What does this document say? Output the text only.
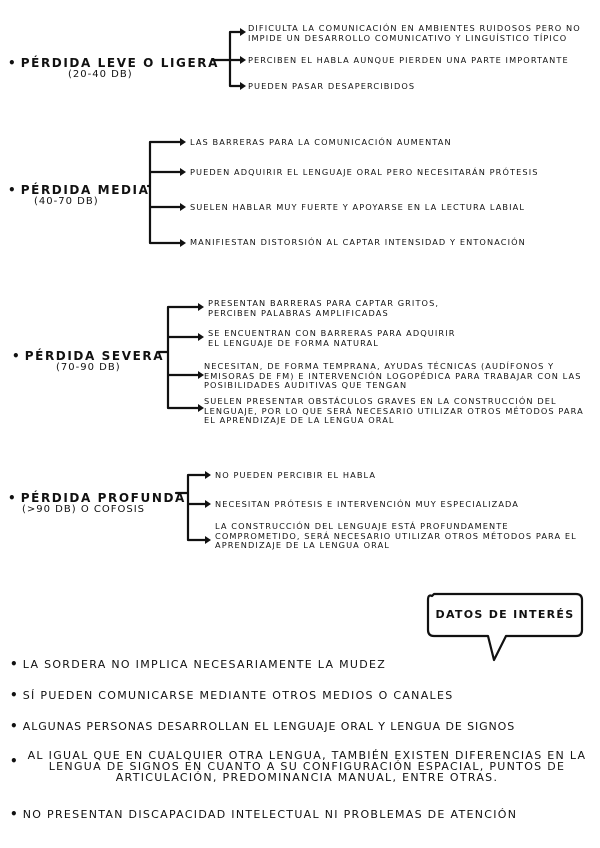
• PÉRDIDA LEVE O LIGERA
(20-40 DB)
DIFICULTA LA COMUNICACIÓN EN AMBIENTES RUIDOSOS PERO NO IMPIDE UN DESARROLLO COMUNICATIVO Y LINGUÍSTICO TÍPICO
PERCIBEN EL HABLA AUNQUE PIERDEN UNA PARTE IMPORTANTE
PUEDEN PASAR DESAPERCIBIDOS
• PÉRDIDA MEDIA
(40-70 DB)
LAS BARRERAS PARA LA COMUNICACIÓN AUMENTAN
PUEDEN ADQUIRIR EL LENGUAJE ORAL PERO NECESITARÁN PRÓTESIS
SUELEN HABLAR MUY FUERTE Y APOYARSE EN LA LECTURA LABIAL
MANIFIESTAN DISTORSIÓN AL CAPTAR INTENSIDAD Y ENTONACIÓN
• PÉRDIDA SEVERA
(70-90 DB)
PRESENTAN BARRERAS PARA CAPTAR GRITOS, PERCIBEN PALABRAS AMPLIFICADAS
SE ENCUENTRAN CON BARRERAS PARA ADQUIRIR EL LENGUAJE DE FORMA NATURAL
NECESITAN, DE FORMA TEMPRANA, AYUDAS TÉCNICAS (AUDÍFONOS Y EMISORAS DE FM) E INTERVENCIÓN LOGOPÉDICA PARA TRABAJAR CON LAS POSIBILIDADES AUDITIVAS QUE TENGAN
SUELEN PRESENTAR OBSTÁCULOS GRAVES EN LA CONSTRUCCIÓN DEL LENGUAJE, POR LO QUE SERÁ NECESARIO UTILIZAR OTROS MÉTODOS PARA EL APRENDIZAJE DE LA LENGUA ORAL
• PÉRDIDA PROFUNDA
(>90 DB) O COFOSIS
NO PUEDEN PERCIBIR EL HABLA
NECESITAN PRÓTESIS E INTERVENCIÓN MUY ESPECIALIZADA
LA CONSTRUCCIÓN DEL LENGUAJE ESTÁ PROFUNDAMENTE COMPROMETIDO, SERÁ NECESARIO UTILIZAR OTROS MÉTODOS PARA EL APRENDIZAJE DE LA LENGUA ORAL
DATOS DE INTERÉS
• LA SORDERA NO IMPLICA NECESARIAMENTE LA MUDEZ
• SÍ PUEDEN COMUNICARSE MEDIANTE OTROS MEDIOS O CANALES
• ALGUNAS PERSONAS DESARROLLAN EL LENGUAJE ORAL Y LENGUA DE SIGNOS
• AL IGUAL QUE EN CUALQUIER OTRA LENGUA, TAMBIÉN EXISTEN DIFERENCIAS EN LA LENGUA DE SIGNOS EN CUANTO A SU CONFIGURACIÓN ESPACIAL, PUNTOS DE ARTICULACIÓN, PREDOMINANCIA MANUAL, ENTRE OTRAS.
• NO PRESENTAN DISCAPACIDAD INTELECTUAL NI PROBLEMAS DE ATENCIÓN
